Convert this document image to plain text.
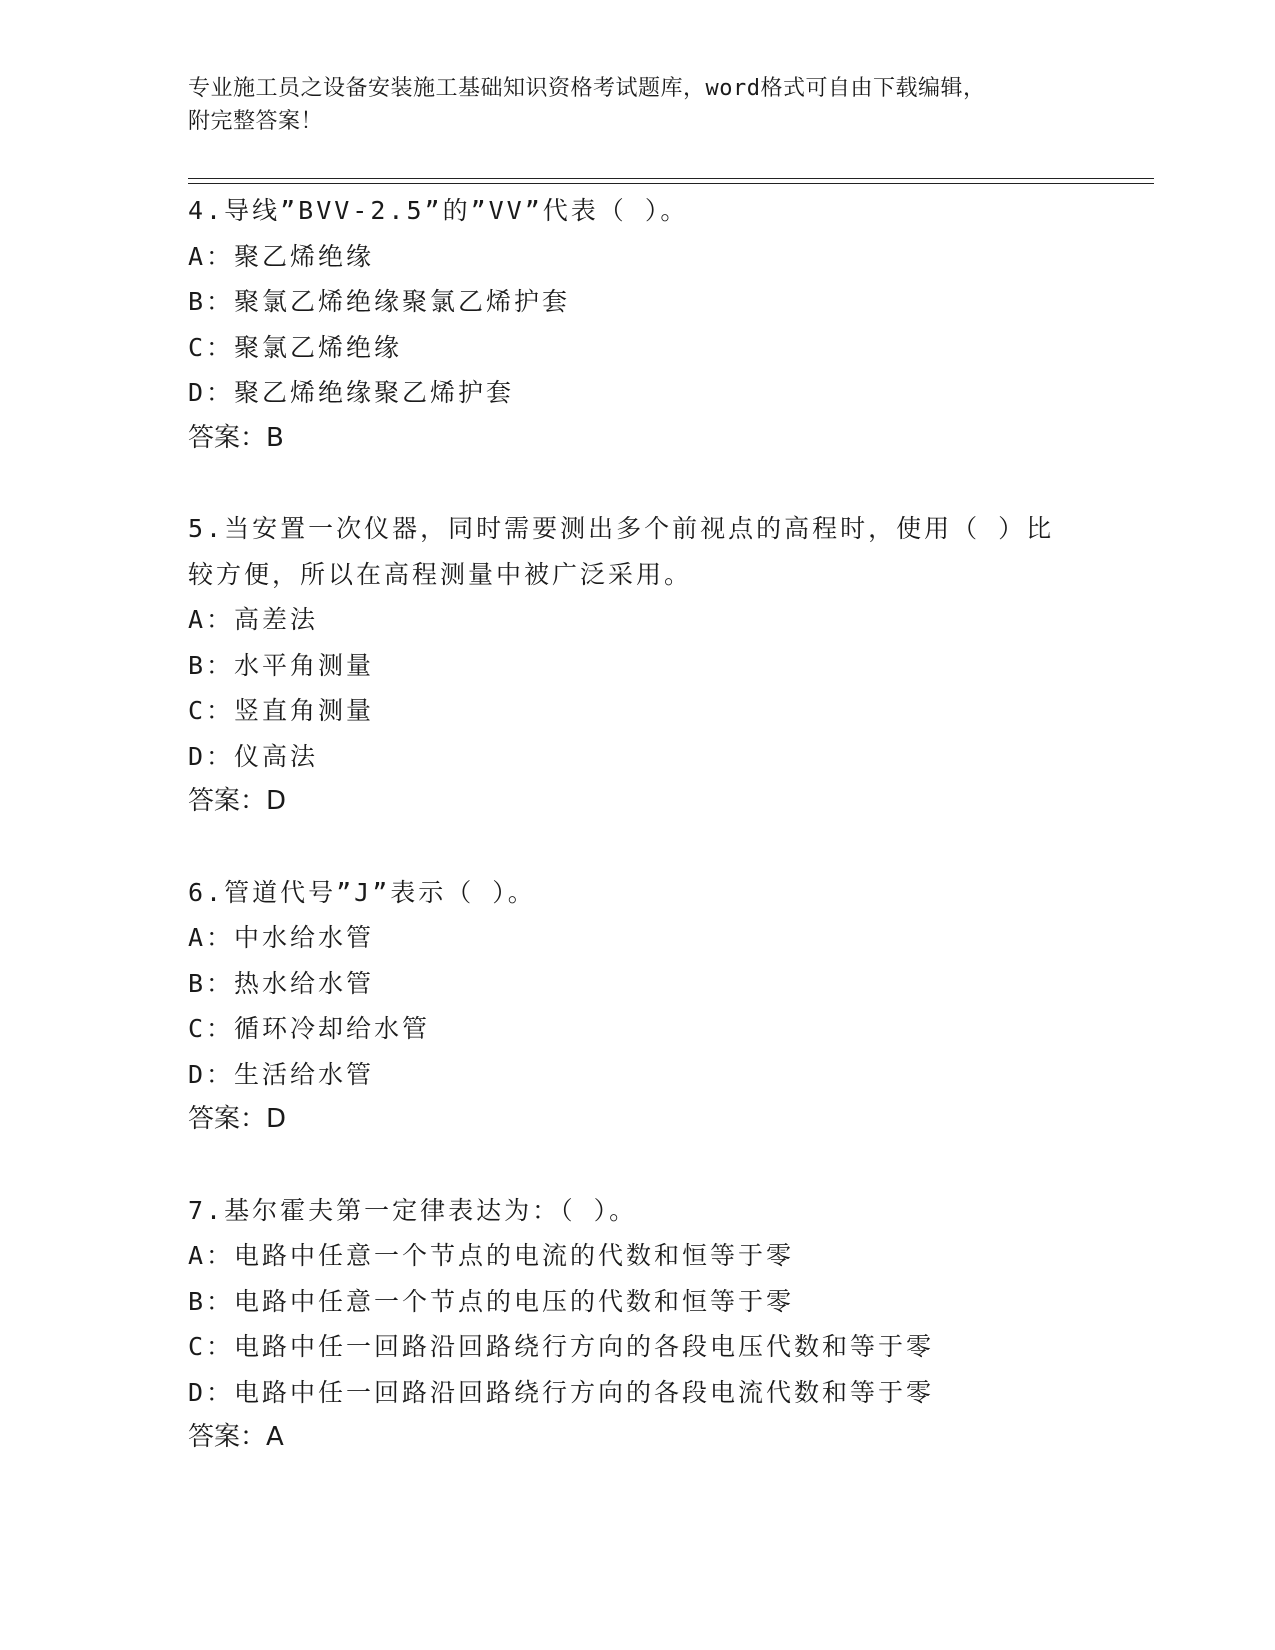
专业施工员之设备安装施工基础知识资格考试题库，word格式可自由下载编辑，
附完整答案！
4.导线”BVV-2.5”的”VV”代表（ ）。
A：聚乙烯绝缘
B：聚氯乙烯绝缘聚氯乙烯护套
C：聚氯乙烯绝缘
D：聚乙烯绝缘聚乙烯护套
答案：B
5.当安置一次仪器，同时需要测出多个前视点的高程时，使用（ ）比
较方便，所以在高程测量中被广泛采用。
A：高差法
B：水平角测量
C：竖直角测量
D：仪高法
答案：D
6.管道代号”J”表示（ ）。
A：中水给水管
B：热水给水管
C：循环冷却给水管
D：生活给水管
答案：D
7.基尔霍夫第一定律表达为：（ ）。
A：电路中任意一个节点的电流的代数和恒等于零
B：电路中任意一个节点的电压的代数和恒等于零
C：电路中任一回路沿回路绕行方向的各段电压代数和等于零
D：电路中任一回路沿回路绕行方向的各段电流代数和等于零
答案：A
